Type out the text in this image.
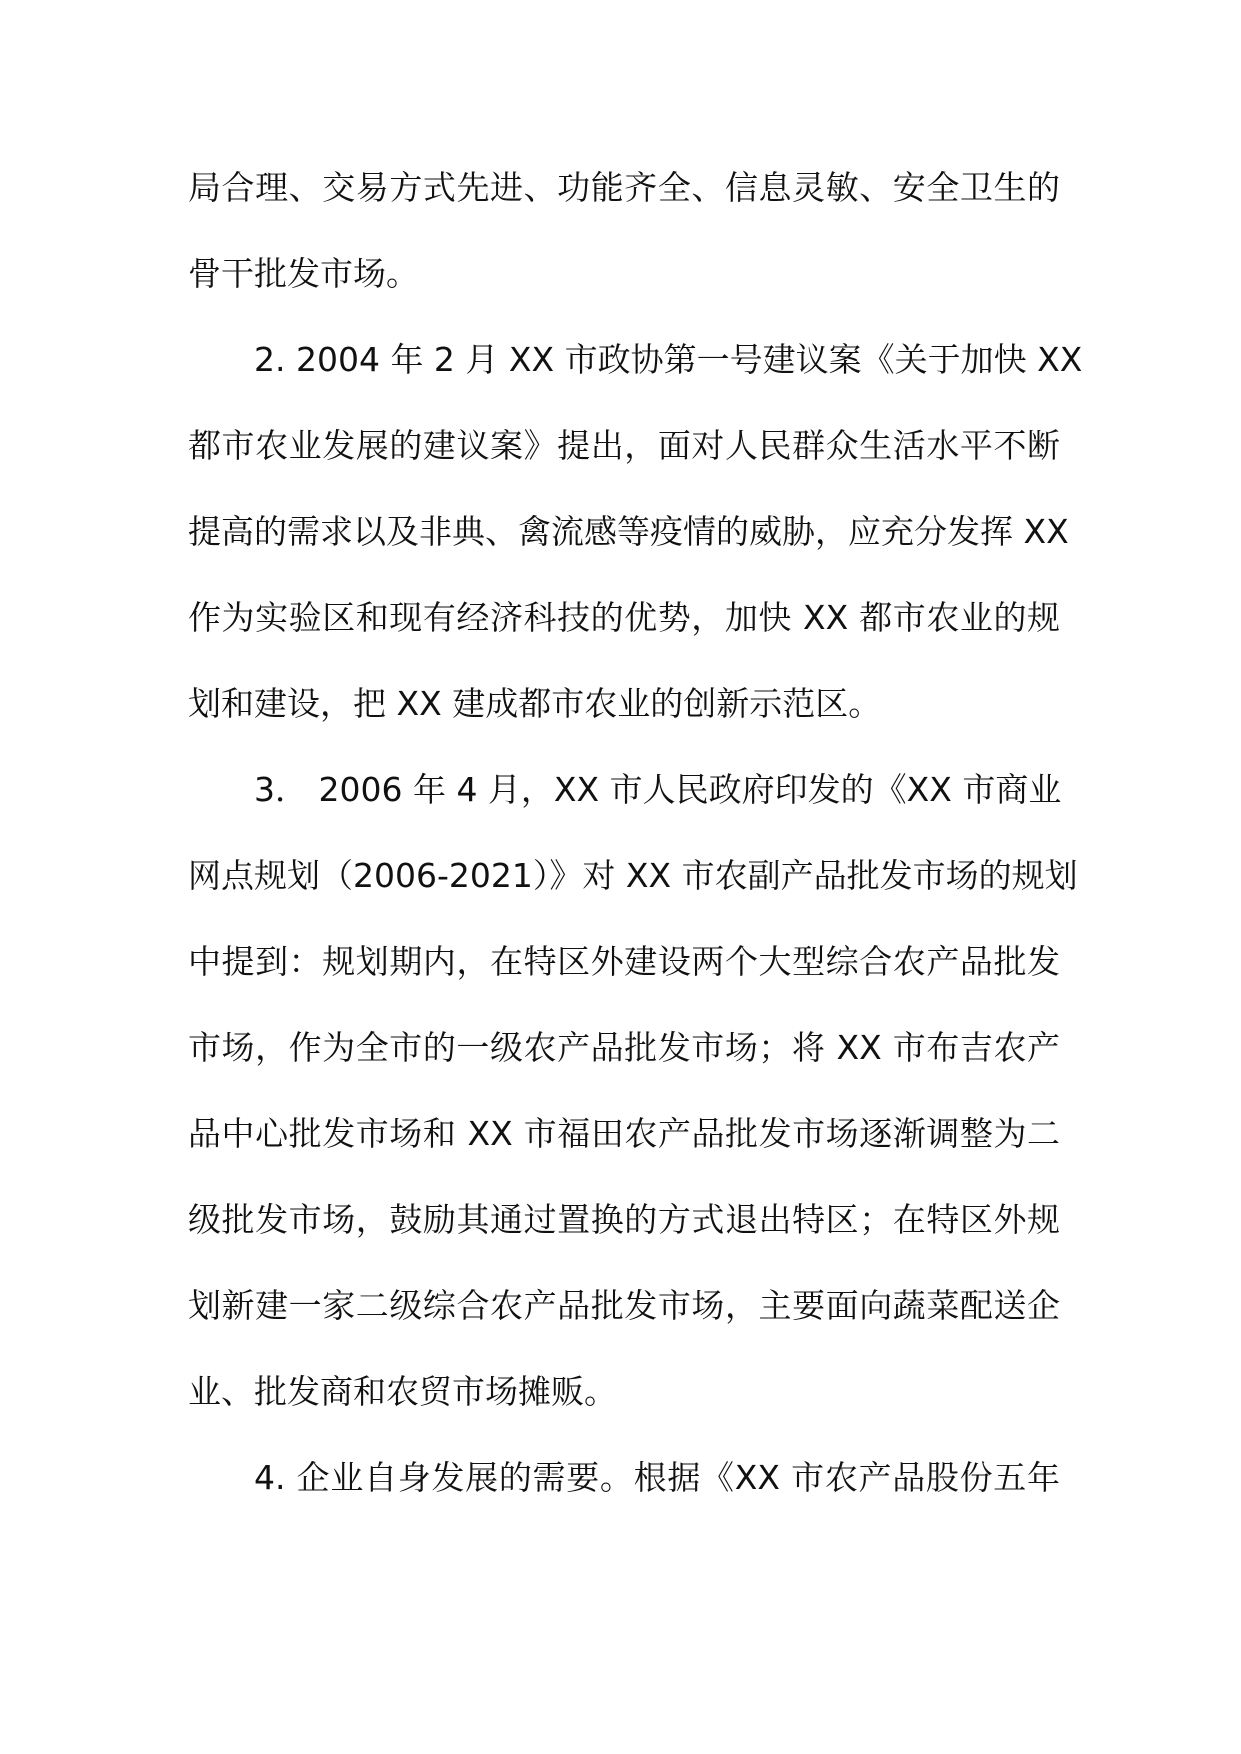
局合理、交易方式先进、功能齐全、信息灵敏、安全卫生的
骨干批发市场。
2. 2004 年 2 月 XX 市政协第一号建议案《关于加快 XX
都市农业发展的建议案》提出，面对人民群众生活水平不断
提高的需求以及非典、禽流感等疫情的威胁，应充分发挥 XX
作为实验区和现有经济科技的优势，加快 XX 都市农业的规
划和建设，把 XX 建成都市农业的创新示范区。
3． 2006 年 4 月，XX 市人民政府印发的《XX 市商业
网点规划（2006-2021）》对 XX 市农副产品批发市场的规划
中提到：规划期内，在特区外建设两个大型综合农产品批发
市场，作为全市的一级农产品批发市场；将 XX 市布吉农产
品中心批发市场和 XX 市福田农产品批发市场逐渐调整为二
级批发市场，鼓励其通过置换的方式退出特区；在特区外规
划新建一家二级综合农产品批发市场，主要面向蔬菜配送企
业、批发商和农贸市场摊贩。
4. 企业自身发展的需要。根据《XX 市农产品股份五年
